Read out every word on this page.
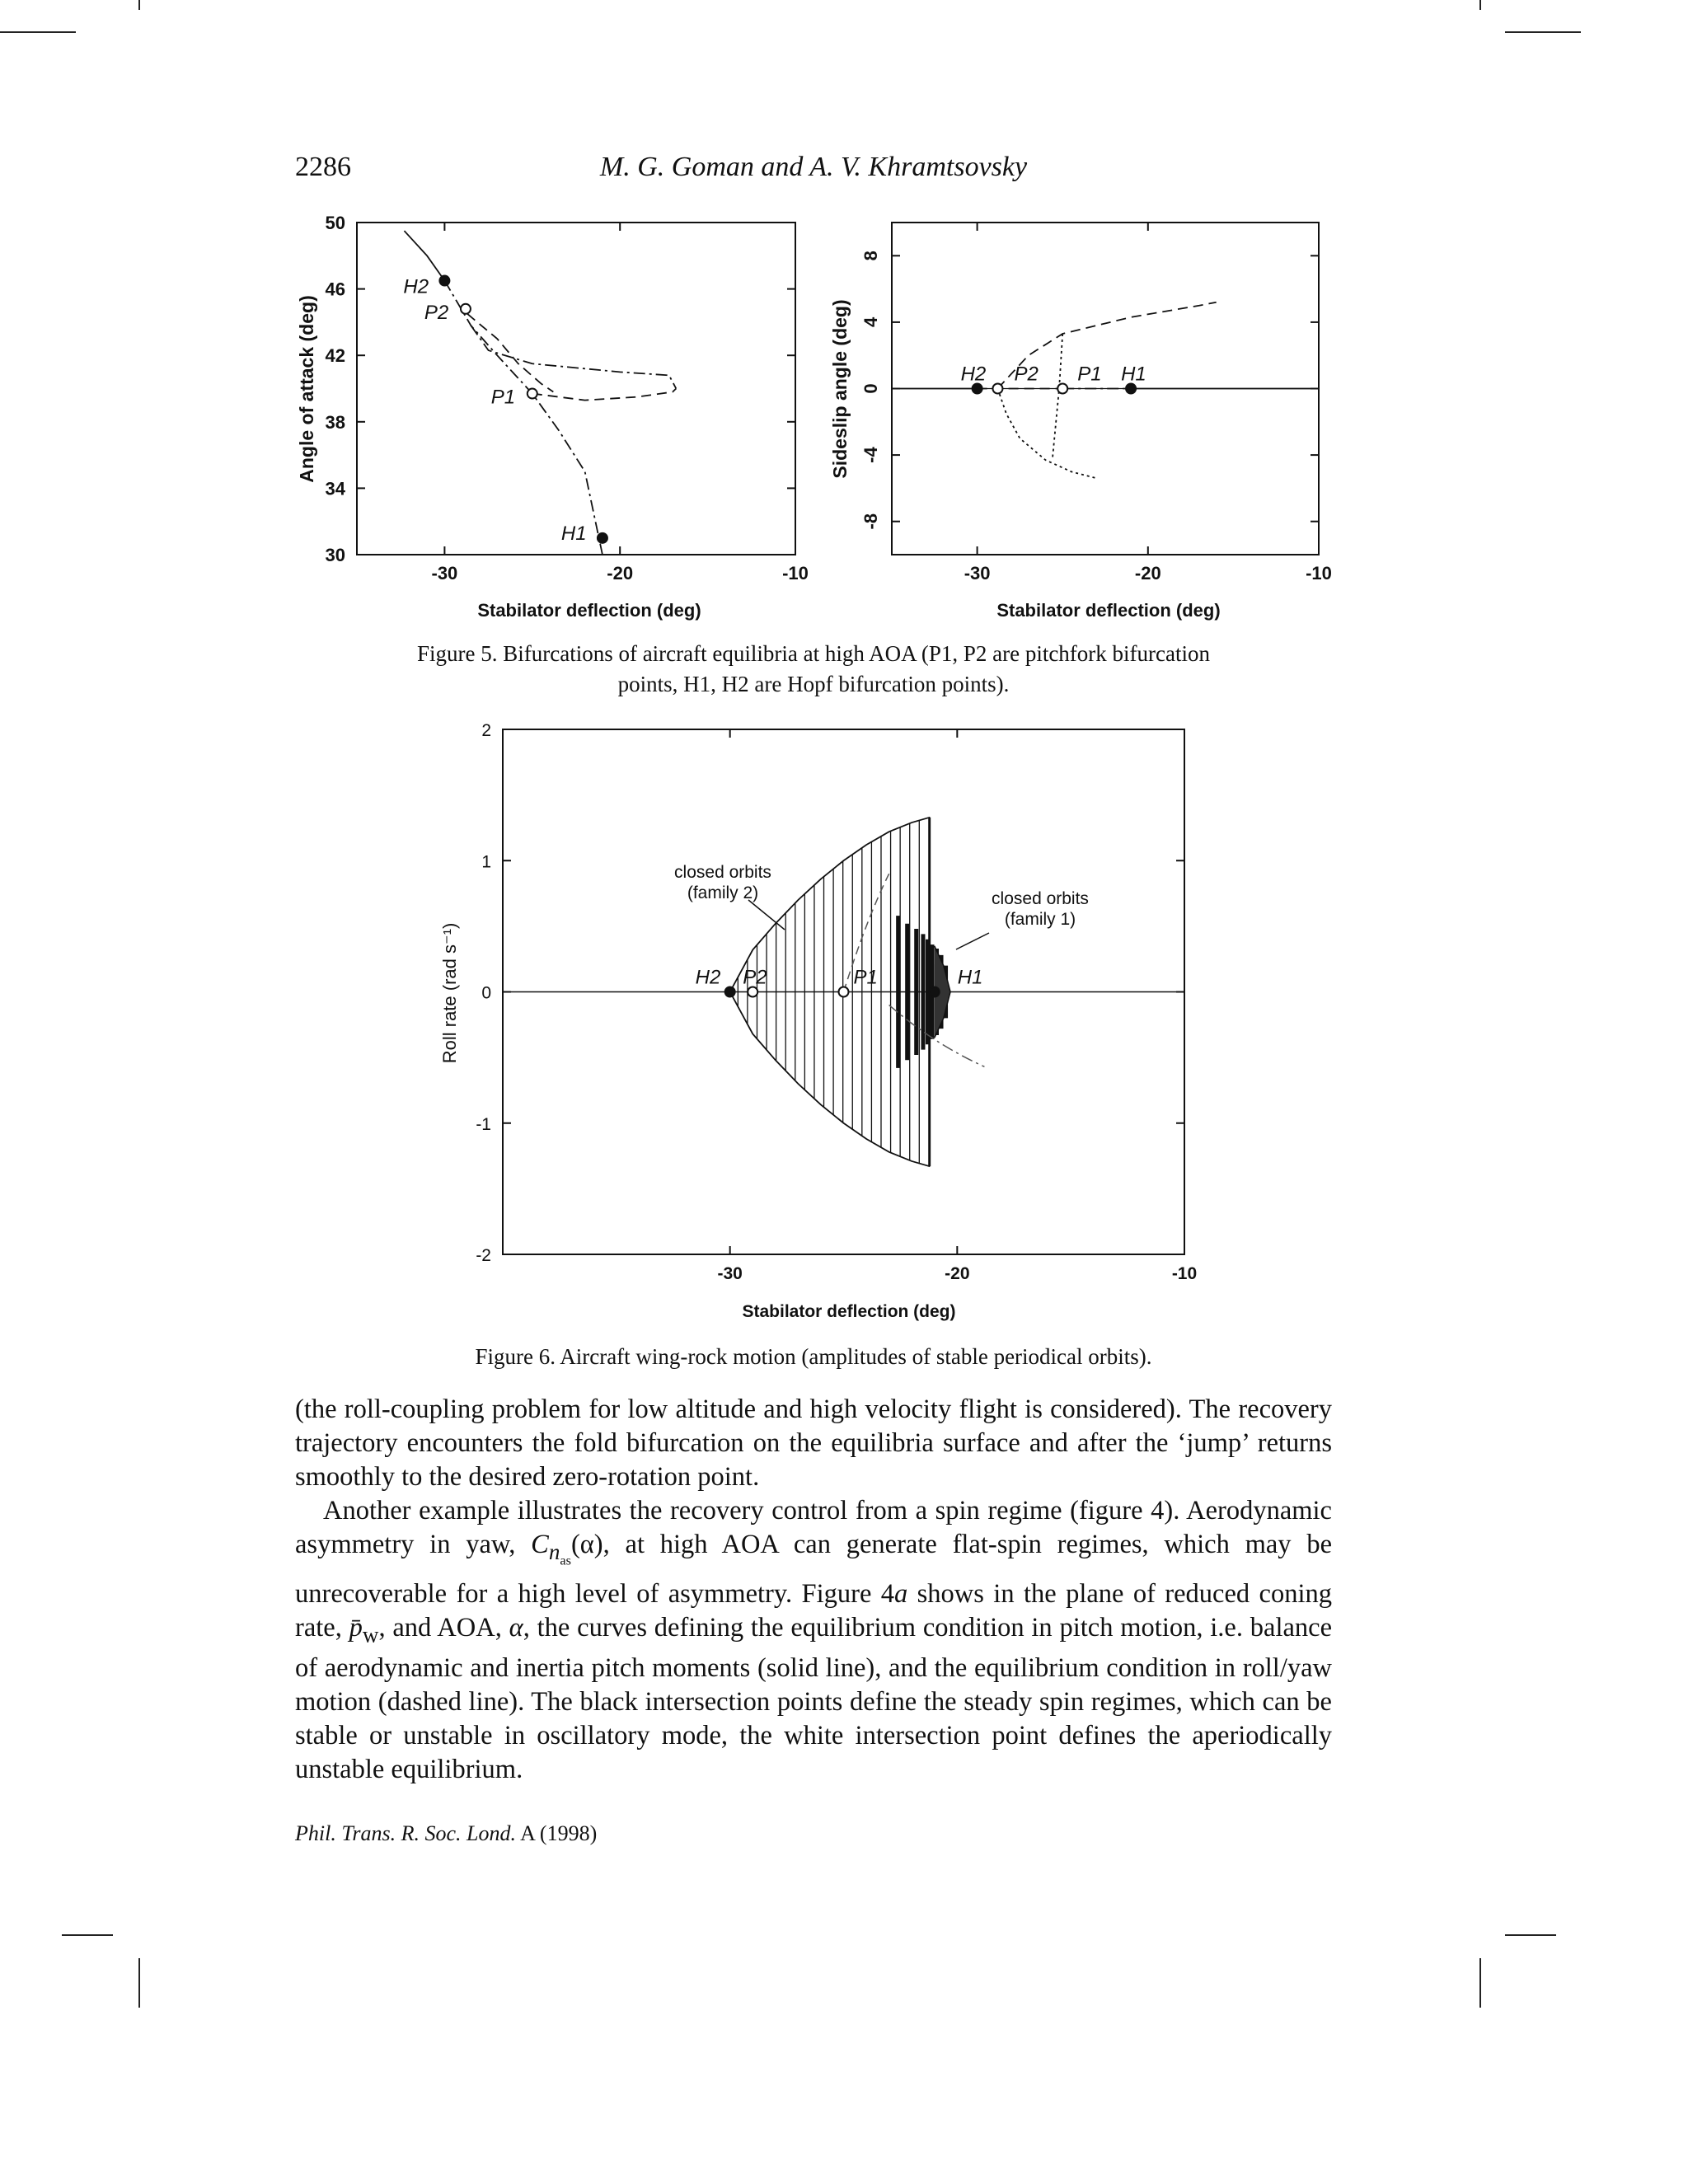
2286	M. G. Goman and A. V. Khramtsovsky
-30	-20	-10
30
34
38
42
46
50
H2
P2
P1
H1
Angle of attack (deg)
Stabilator deflection (deg)
-30	-20	-10
-8
-4
0
4
8
H2 P2 P1 H1
Sideslip angle (deg)
Stabilator deflection (deg)
Figure 5. Bifurcations of aircraft equilibria at high AOA (P1, P2 are pitchfork bifurcation
points, H1, H2 are Hopf bifurcation points).
-30	-20	-10
-2
-1
0
1
2
H2 P2	P1	H1
closed orbits
(family 2)	closed orbits
(family 1)
Roll rate (rad s⁻¹)
Stabilator deflection (deg)
Figure 6. Aircraft wing-rock motion (amplitudes of stable periodical orbits).

(the roll-coupling problem for low altitude and high velocity flight is considered). The recovery trajectory encounters the fold bifurcation on the equilibria surface and after the ‘jump’ returns smoothly to the desired zero-rotation point.

Another example illustrates the recovery control from a spin regime (figure 4). Aerodynamic asymmetry in yaw, $C_{n_{as}}(\alpha)$, at high AOA can generate flat-spin regimes, which may be unrecoverable for a high level of asymmetry. Figure 4a shows in the plane of reduced coning rate, $p̄_w$, and AOA, α, the curves defining the equilibrium condition in pitch motion, i.e. balance of aerodynamic and inertia pitch moments (solid line), and the equilibrium condition in roll/yaw motion (dashed line). The black intersection points define the steady spin regimes, which can be stable or unstable in oscillatory mode, the white intersection point defines the aperiodically unstable equilibrium.

Phil. Trans. R. Soc. Lond. A (1998)
